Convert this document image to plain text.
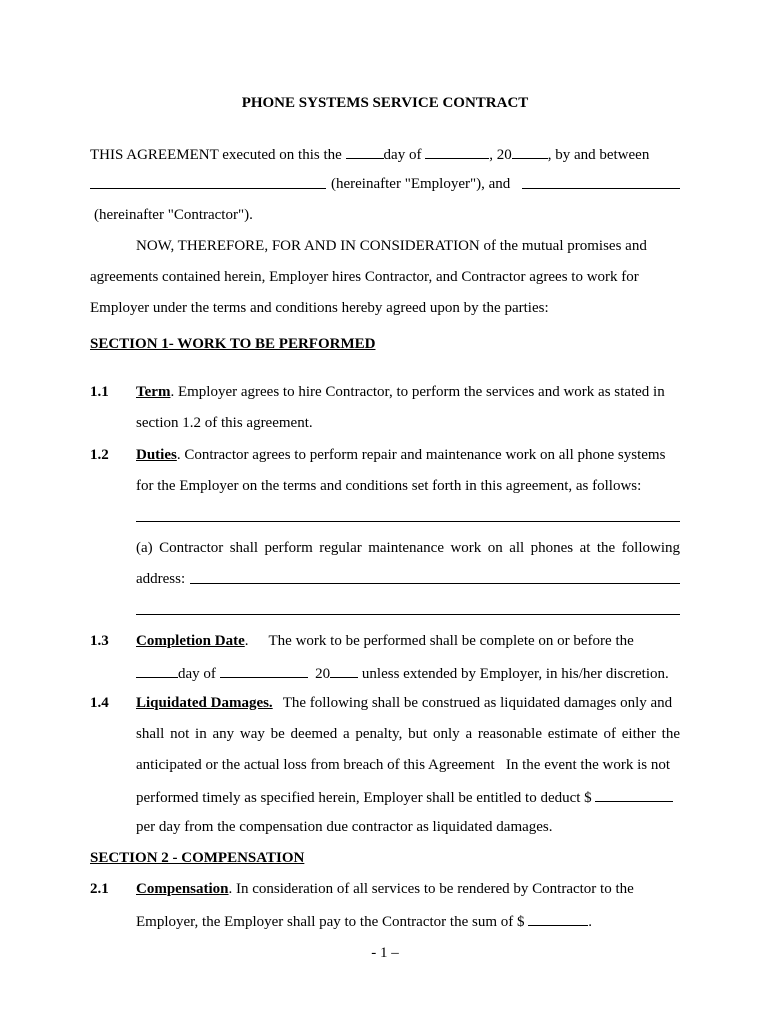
PHONE SYSTEMS SERVICE CONTRACT
THIS AGREEMENT executed on this the	day of	, 20 , by and between
(hereinafter "Employer"), and
(hereinafter "Contractor").
NOW, THEREFORE, FOR AND IN CONSIDERATION of the mutual promises and
agreements contained herein, Employer hires Contractor, and Contractor agrees to work for
Employer under the terms and conditions hereby agreed upon by the parties:
SECTION 1- WORK TO BE PERFORMED
1.1 Term. Employer agrees to hire Contractor, to perform the services and work as stated in
section 1.2 of this agreement.
1.2 Duties. Contractor agrees to perform repair and maintenance work on all phone systems
for the Employer on the terms and conditions set forth in this agreement, as follows:
(a) Contractor shall perform regular maintenance work on all phones at the following
address:
1.3 Completion Date. The work to be performed shall be complete on or before the
day of	20 unless extended by Employer, in his/her discretion.
1.4 Liquidated Damages. The following shall be construed as liquidated damages only and
shall not in any way be deemed a penalty, but only a reasonable estimate of either the
anticipated or the actual loss from breach of this Agreement   In the event the work is not
performed timely as specified herein, Employer shall be entitled to deduct $
per day from the compensation due contractor as liquidated damages.
SECTION 2 - COMPENSATION
2.1 Compensation. In consideration of all services to be rendered by Contractor to the
Employer, the Employer shall pay to the Contractor the sum of $	.
- 1 –
